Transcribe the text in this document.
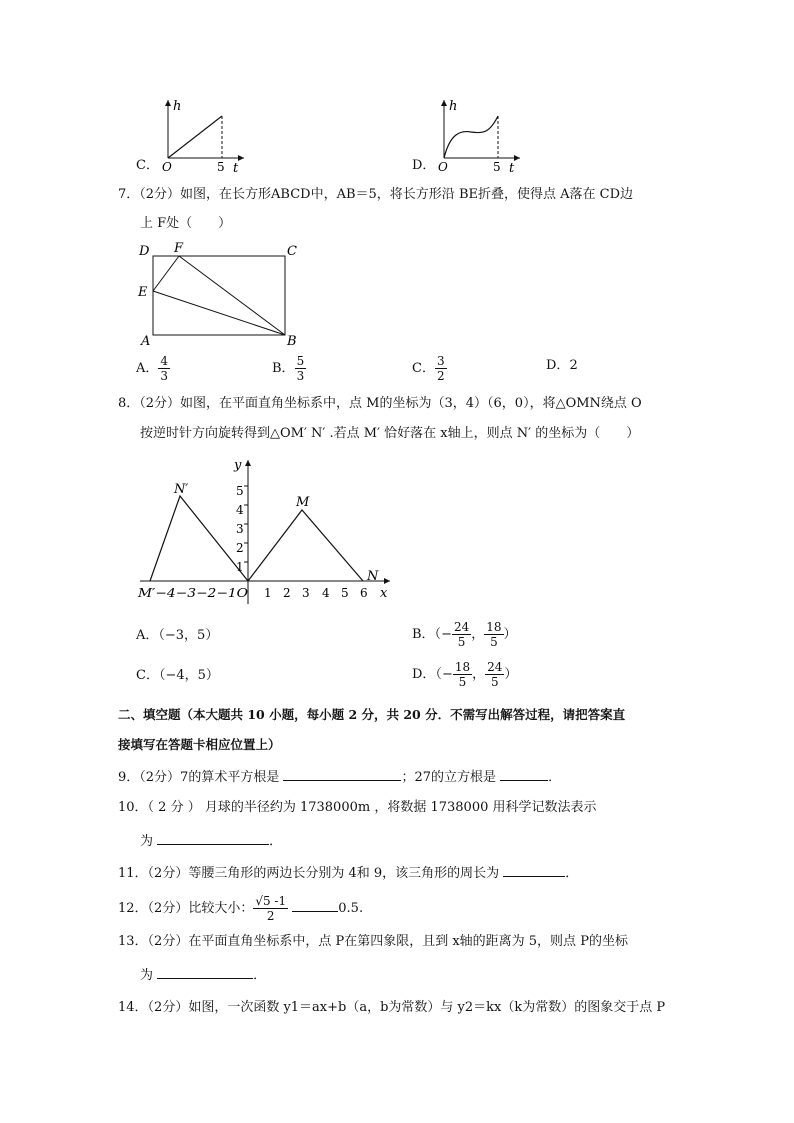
C．
h
O	5 t	D．
h
O	5 t
7．（2分）如图，在长方形ABCD中，AB＝5，将长方形沿 BE折叠，使得点 A落在 CD边
上 F处（　　）
D F	C
E
A	B
A． $\frac{4}{3}$	B． $\frac{5}{3}$	C． $\frac{3}{2}$	D．2
8．（2分）如图，在平面直角坐标系中，点 M的坐标为（3，4）（6，0），将△OMN绕点 O
按逆时针方向旋转得到△OM′ N′ .若点 M′ 恰好落在 x轴上，则点 N′ 的坐标为（　　）
y
5
4
3
2
1
M′−4−3−2−1O 1 2 3 4 5 6 x
N′
M
N
A．（−3，5）	B．（− $\frac{24}{5}$ ， $\frac{18}{5}$ ）
C．（−4，5）	D．（− $\frac{18}{5}$ ， $\frac{24}{5}$ ）
二、填空题（本大题共 10 小题，每小题 2 分，共 20 分．不需写出解答过程，请把答案直
接填写在答题卡相应位置上）
9．（2分）7的算术平方根是	；27的立方根是	．
10．（ 2 分 ） 月球的半径约为 1738000m ，将数据 1738000 用科学记数法表示
为	．
11．（2分）等腰三角形的两边长分别为 4和 9，该三角形的周长为	．
12．（2分）比较大小： $\frac{√5 -1}{2}$	0.5.
13．（2分）在平面直角坐标系中，点 P在第四象限，且到 x轴的距离为 5，则点 P的坐标
为	．
14．（2分）如图，一次函数 y1＝ax+b（a，b为常数）与 y2＝kx（k为常数）的图象交于点 P
